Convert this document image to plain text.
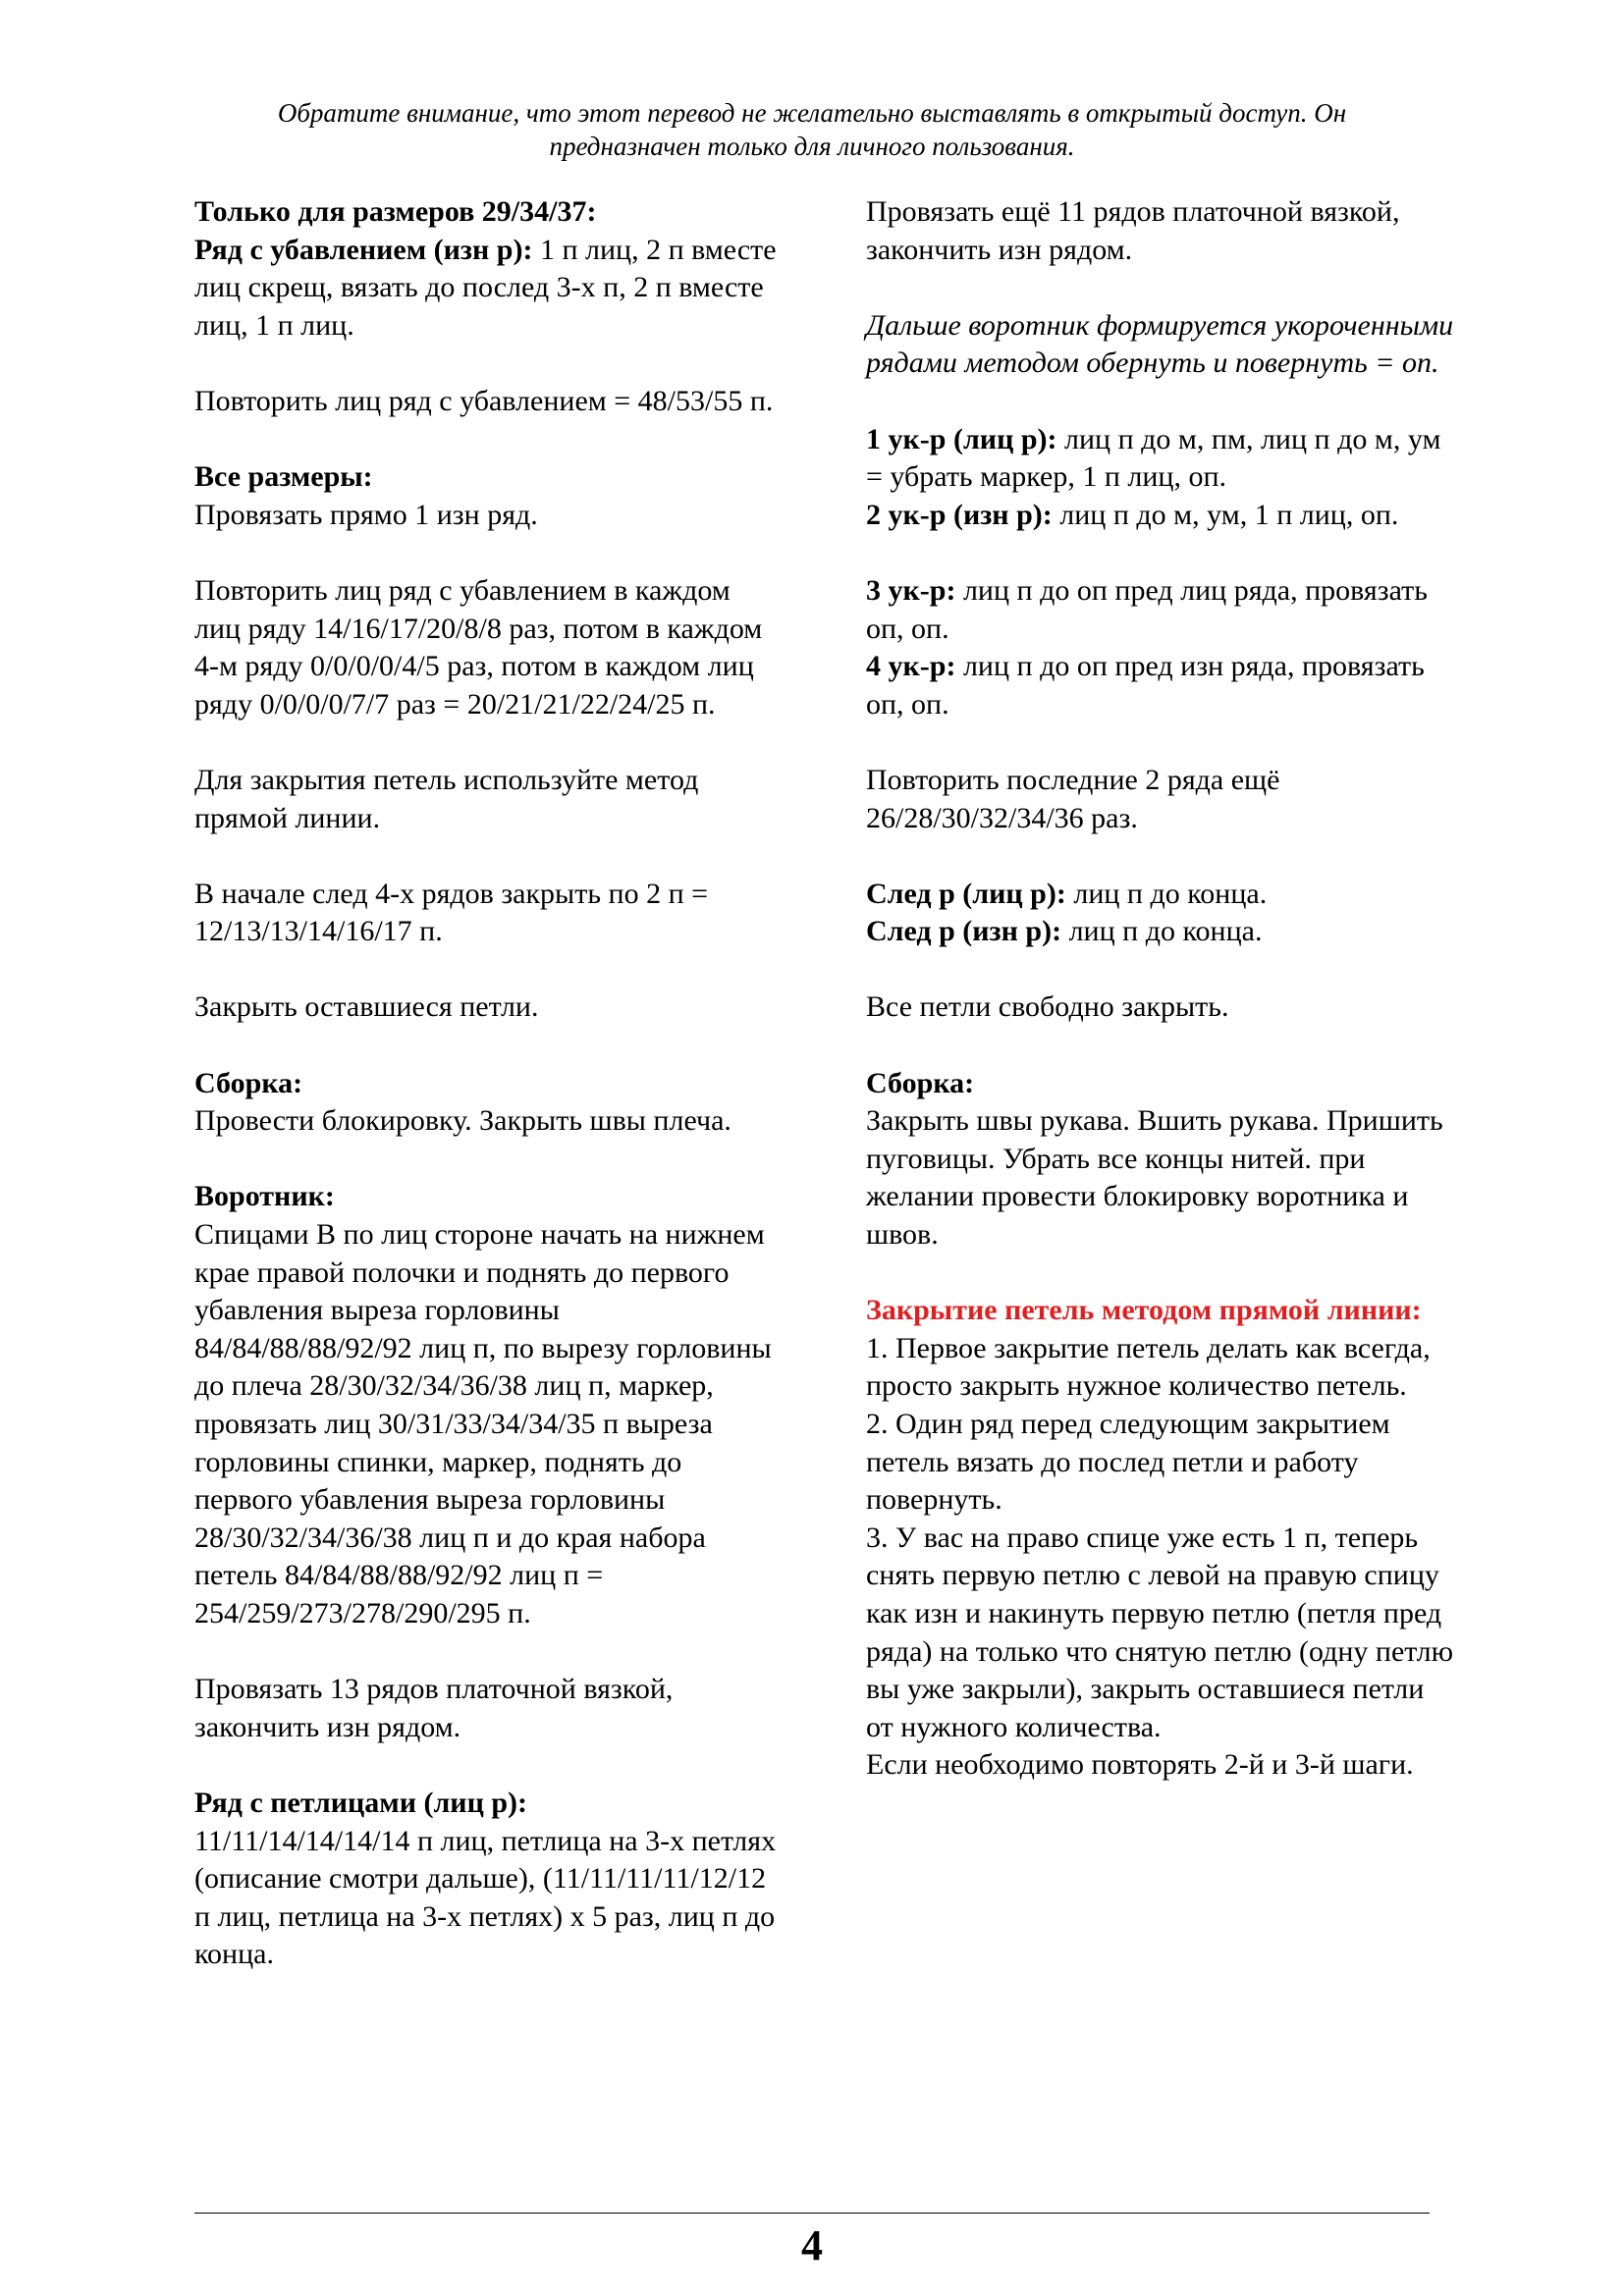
Обратите внимание, что этот перевод не желательно выставлять в открытый доступ. Он
предназначен только для личного пользования.

Только для размеров 29/34/37:
Ряд с убавлением (изн р): 1 п лиц, 2 п вместе лиц скрещ, вязать до послед 3-х п, 2 п вместе лиц, 1 п лиц.

Повторить лиц ряд с убавлением = 48/53/55 п.

Все размеры:
Провязать прямо 1 изн ряд.

Повторить лиц ряд с убавлением в каждом лиц ряду 14/16/17/20/8/8 раз, потом в каждом 4-м ряду 0/0/0/0/4/5 раз, потом в каждом лиц ряду 0/0/0/0/7/7 раз = 20/21/21/22/24/25 п.

Для закрытия петель используйте метод прямой линии.

В начале след 4-х рядов закрыть по 2 п = 12/13/13/14/16/17 п.

Закрыть оставшиеся петли.

Сборка:
Провести блокировку. Закрыть швы плеча.

Воротник:
Спицами В по лиц стороне начать на нижнем крае правой полочки и поднять до первого убавления выреза горловины 84/84/88/88/92/92 лиц п, по вырезу горловины до плеча 28/30/32/34/36/38 лиц п, маркер, провязать лиц 30/31/33/34/34/35 п выреза горловины спинки, маркер, поднять до первого убавления выреза горловины 28/30/32/34/36/38 лиц п и до края набора петель 84/84/88/88/92/92 лиц п = 254/259/273/278/290/295 п.

Провязать 13 рядов платочной вязкой, закончить изн рядом.

Ряд с петлицами (лиц р):
11/11/14/14/14/14 п лиц, петлица на 3-х петлях (описание смотри дальше), (11/11/11/11/12/12 п лиц, петлица на 3-х петлях) х 5 раз, лиц п до конца.

Провязать ещё 11 рядов платочной вязкой, закончить изн рядом.

Дальше воротник формируется укороченными рядами методом обернуть и повернуть = оп.

1 ук-р (лиц р): лиц п до м, пм, лиц п до м, ум = убрать маркер, 1 п лиц, оп.
2 ук-р (изн р): лиц п до м, ум, 1 п лиц, оп.

3 ук-р: лиц п до оп пред лиц ряда, провязать оп, оп.
4 ук-р: лиц п до оп пред изн ряда, провязать оп, оп.

Повторить последние 2 ряда ещё 26/28/30/32/34/36 раз.

След р (лиц р): лиц п до конца.
След р (изн р): лиц п до конца.

Все петли свободно закрыть.

Сборка:
Закрыть швы рукава. Вшить рукава. Пришить пуговицы. Убрать все концы нитей. при желании провести блокировку воротника и швов.

Закрытие петель методом прямой линии:
1. Первое закрытие петель делать как всегда, просто закрыть нужное количество петель.
2. Один ряд перед следующим закрытием петель вязать до послед петли и работу повернуть.
3. У вас на право спице уже есть 1 п, теперь снять первую петлю с левой на правую спицу как изн и накинуть первую петлю (петля пред ряда) на только что снятую петлю (одну петлю вы уже закрыли), закрыть оставшиеся петли от нужного количества.
Если необходимо повторять 2-й и 3-й шаги.

4
